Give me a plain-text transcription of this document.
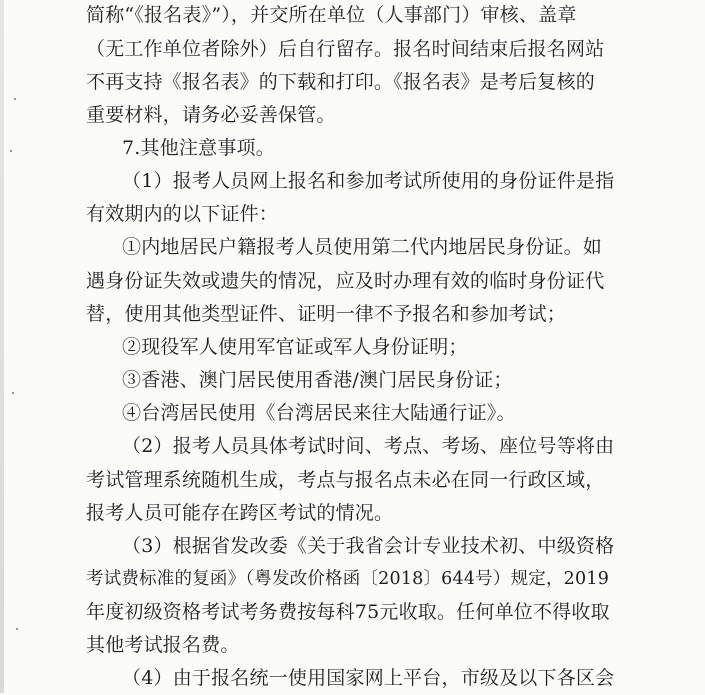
简称“《报名表》”），并交所在单位（人事部门）审核、盖章
（无工作单位者除外）后自行留存。报名时间结束后报名网站
不再支持《报名表》的下载和打印。《报名表》是考后复核的
重要材料，请务必妥善保管。
7.其他注意事项。
（1）报考人员网上报名和参加考试所使用的身份证件是指
有效期内的以下证件：
①内地居民户籍报考人员使用第二代内地居民身份证。如
遇身份证失效或遗失的情况，应及时办理有效的临时身份证代
替，使用其他类型证件、证明一律不予报名和参加考试；
②现役军人使用军官证或军人身份证明；
③香港、澳门居民使用香港/澳门居民身份证；
④台湾居民使用《台湾居民来往大陆通行证》。
（2）报考人员具体考试时间、考点、考场、座位号等将由
考试管理系统随机生成，考点与报名点未必在同一行政区域，
报考人员可能存在跨区考试的情况。
（3）根据省发改委《关于我省会计专业技术初、中级资格
考试费标准的复函》（粤发改价格函〔2018〕644号）规定，2019
年度初级资格考试考务费按每科75元收取。任何单位不得收取
其他考试报名费。
（4）由于报名统一使用国家网上平台，市级及以下各区会
